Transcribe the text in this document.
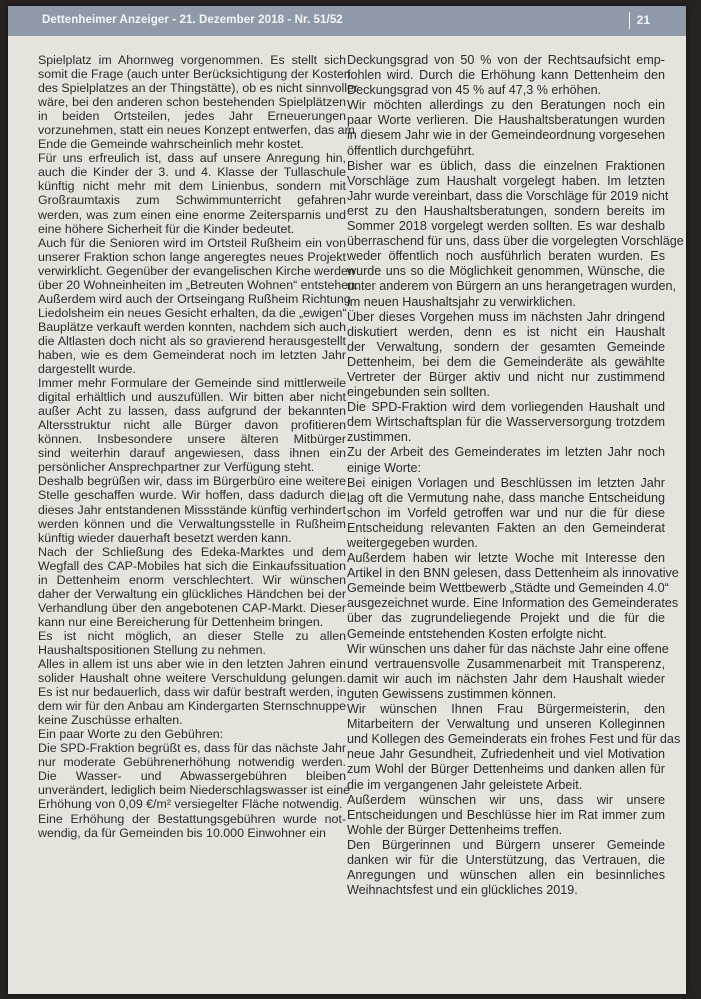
Dettenheimer Anzeiger - 21. Dezember 2018 - Nr. 51/52	21

Spielplatz im Ahornweg vorgenommen. Es stellt sich
somit die Frage (auch unter Berücksichtigung der Kosten
des Spielplatzes an der Thingstätte), ob es nicht sinnvoller
wäre, bei den anderen schon bestehenden Spielplätzen
in beiden Ortsteilen, jedes Jahr Erneuerungen
vorzunehmen, statt ein neues Konzept entwerfen, das am
Ende die Gemeinde wahrscheinlich mehr kostet.

Für uns erfreulich ist, dass auf unsere Anregung hin,
auch die Kinder der 3. und 4. Klasse der Tullaschule
künftig nicht mehr mit dem Linienbus, sondern mit
Großraumtaxis zum Schwimmunterricht gefahren
werden, was zum einen eine enorme Zeitersparnis und
eine höhere Sicherheit für die Kinder bedeutet.

Auch für die Senioren wird im Ortsteil Rußheim ein von
unserer Fraktion schon lange angeregtes neues Projekt
verwirklicht. Gegenüber der evangelischen Kirche werden
über 20 Wohneinheiten im „Betreuten Wohnen“ entstehen.

Außerdem wird auch der Ortseingang Rußheim Richtung
Liedolsheim ein neues Gesicht erhalten, da die „ewigen“
Bauplätze verkauft werden konnten, nachdem sich auch
die Altlasten doch nicht als so gravierend herausgestellt
haben, wie es dem Gemeinderat noch im letzten Jahr
dargestellt wurde.

Immer mehr Formulare der Gemeinde sind mittlerweile
digital erhältlich und auszufüllen. Wir bitten aber nicht
außer Acht zu lassen, dass aufgrund der bekannten
Altersstruktur nicht alle Bürger davon profitieren
können. Insbesondere unsere älteren Mitbürger
sind weiterhin darauf angewiesen, dass ihnen ein
persönlicher Ansprechpartner zur Verfügung steht.

Deshalb begrüßen wir, dass im Bürgerbüro eine weitere
Stelle geschaffen wurde. Wir hoffen, dass dadurch die
dieses Jahr entstandenen Missstände künftig verhindert
werden können und die Verwaltungsstelle in Rußheim
künftig wieder dauerhaft besetzt werden kann.

Nach der Schließung des Edeka-Marktes und dem
Wegfall des CAP-Mobiles hat sich die Einkaufssituation
in Dettenheim enorm verschlechtert. Wir wünschen
daher der Verwaltung ein glückliches Händchen bei der
Verhandlung über den angebotenen CAP-Markt. Dieser
kann nur eine Bereicherung für Dettenheim bringen.

Es ist nicht möglich, an dieser Stelle zu allen
Haushaltspositionen Stellung zu nehmen.

Alles in allem ist uns aber wie in den letzten Jahren ein
solider Haushalt ohne weitere Verschuldung gelungen.
Es ist nur bedauerlich, dass wir dafür bestraft werden, in
dem wir für den Anbau am Kindergarten Sternschnuppe
keine Zuschüsse erhalten.

Ein paar Worte zu den Gebühren:

Die SPD-Fraktion begrüßt es, dass für das nächste Jahr
nur moderate Gebührenerhöhung notwendig werden.
Die Wasser- und Abwassergebühren bleiben
unverändert, lediglich beim Niederschlagswasser ist eine
Erhöhung von 0,09 €/m² versiegelter Fläche notwendig.

Eine Erhöhung der Bestattungsgebühren wurde not-
wendig, da für Gemeinden bis 10.000 Einwohner ein

Deckungsgrad von 50 % von der Rechtsaufsicht emp-
fohlen wird. Durch die Erhöhung kann Dettenheim den
Deckungsgrad von 45 % auf 47,3 % erhöhen.

Wir möchten allerdings zu den Beratungen noch ein
paar Worte verlieren. Die Haushaltsberatungen wurden
in diesem Jahr wie in der Gemeindeordnung vorgesehen
öffentlich durchgeführt.

Bisher war es üblich, dass die einzelnen Fraktionen
Vorschläge zum Haushalt vorgelegt haben. Im letzten
Jahr wurde vereinbart, dass die Vorschläge für 2019 nicht
erst zu den Haushaltsberatungen, sondern bereits im
Sommer 2018 vorgelegt werden sollten. Es war deshalb
überraschend für uns, dass über die vorgelegten Vorschläge
weder öffentlich noch ausführlich beraten wurden. Es
wurde uns so die Möglichkeit genommen, Wünsche, die
unter anderem von Bürgern an uns herangetragen wurden,
im neuen Haushaltsjahr zu verwirklichen.

Über dieses Vorgehen muss im nächsten Jahr dringend
diskutiert werden, denn es ist nicht ein Haushalt
der Verwaltung, sondern der gesamten Gemeinde
Dettenheim, bei dem die Gemeinderäte als gewählte
Vertreter der Bürger aktiv und nicht nur zustimmend
eingebunden sein sollten.

Die SPD-Fraktion wird dem vorliegenden Haushalt und
dem Wirtschaftsplan für die Wasserversorgung trotzdem
zustimmen.

Zu der Arbeit des Gemeinderates im letzten Jahr noch
einige Worte:

Bei einigen Vorlagen und Beschlüssen im letzten Jahr
lag oft die Vermutung nahe, dass manche Entscheidung
schon im Vorfeld getroffen war und nur die für diese
Entscheidung relevanten Fakten an den Gemeinderat
weitergegeben wurden.

Außerdem haben wir letzte Woche mit Interesse den
Artikel in den BNN gelesen, dass Dettenheim als innovative
Gemeinde beim Wettbewerb „Städte und Gemeinden 4.0“
ausgezeichnet wurde. Eine Information des Gemeinderates
über das zugrundeliegende Projekt und die für die
Gemeinde entstehenden Kosten erfolgte nicht.

Wir wünschen uns daher für das nächste Jahr eine offene
und vertrauensvolle Zusammenarbeit mit Transperenz,
damit wir auch im nächsten Jahr dem Haushalt wieder
guten Gewissens zustimmen können.

Wir wünschen Ihnen Frau Bürgermeisterin, den
Mitarbeitern der Verwaltung und unseren Kolleginnen
und Kollegen des Gemeinderats ein frohes Fest und für das
neue Jahr Gesundheit, Zufriedenheit und viel Motivation
zum Wohl der Bürger Dettenheims und danken allen für
die im vergangenen Jahr geleistete Arbeit.

Außerdem wünschen wir uns, dass wir unsere
Entscheidungen und Beschlüsse hier im Rat immer zum
Wohle der Bürger Dettenheims treffen.

Den Bürgerinnen und Bürgern unserer Gemeinde
danken wir für die Unterstützung, das Vertrauen, die
Anregungen und wünschen allen ein besinnliches
Weihnachtsfest und ein glückliches 2019.
